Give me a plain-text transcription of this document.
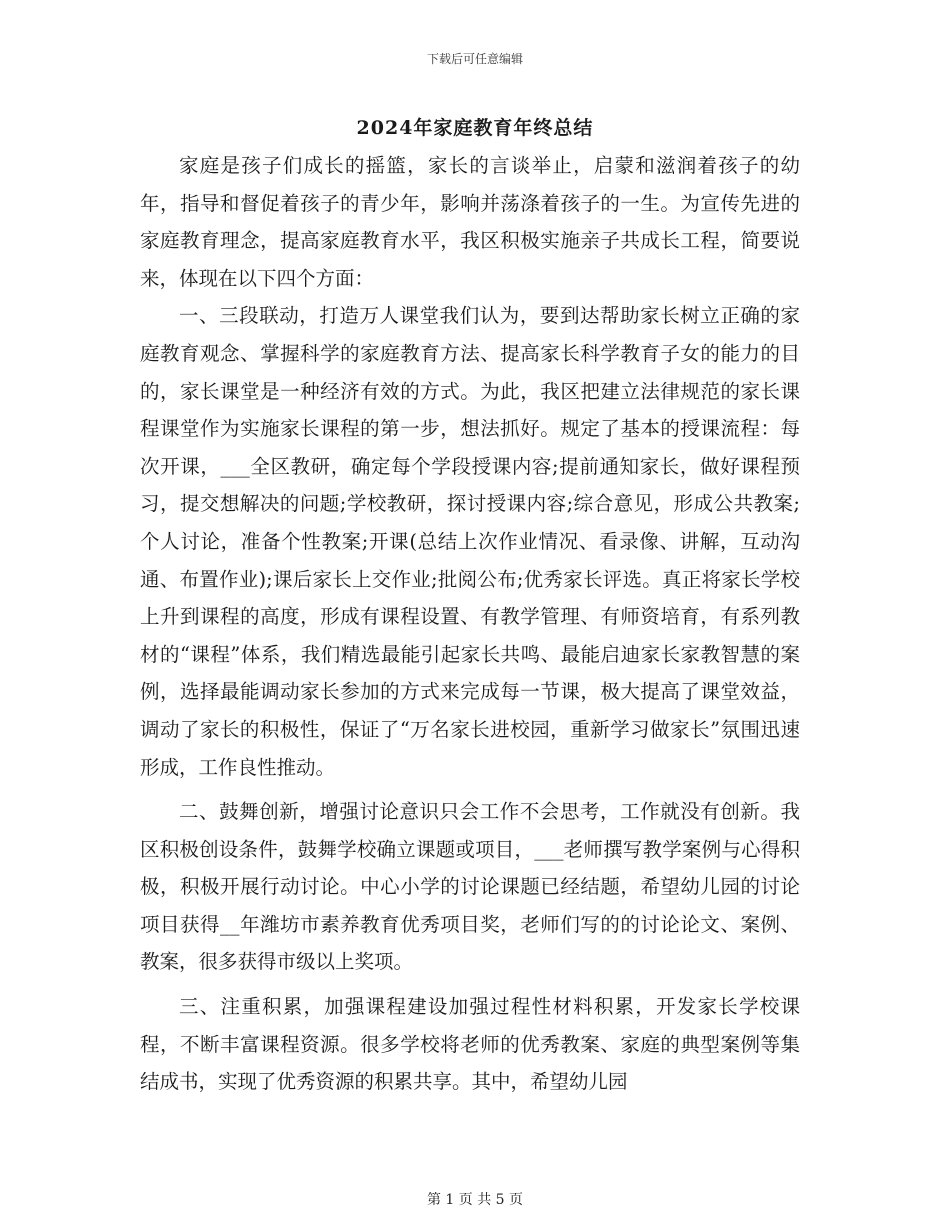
下载后可任意编辑
2024年家庭教育年终总结

家庭是孩子们成长的摇篮，家长的言谈举止，启蒙和滋润着孩子的幼年，指导和督促着孩子的青少年，影响并荡涤着孩子的一生。为宣传先进的家庭教育理念，提高家庭教育水平，我区积极实施亲子共成长工程，简要说来，体现在以下四个方面：

一、三段联动，打造万人课堂我们认为，要到达帮助家长树立正确的家庭教育观念、掌握科学的家庭教育方法、提高家长科学教育子女的能力的目的，家长课堂是一种经济有效的方式。为此，我区把建立法律规范的家长课程课堂作为实施家长课程的第一步，想法抓好。规定了基本的授课流程：每次开课，___全区教研，确定每个学段授课内容;提前通知家长，做好课程预习，提交想解决的问题;学校教研，探讨授课内容;综合意见，形成公共教案;个人讨论，准备个性教案;开课(总结上次作业情况、看录像、讲解，互动沟通、布置作业);课后家长上交作业;批阅公布;优秀家长评选。真正将家长学校上升到课程的高度，形成有课程设置、有教学管理、有师资培育，有系列教材的“课程”体系，我们精选最能引起家长共鸣、最能启迪家长家教智慧的案例，选择最能调动家长参加的方式来完成每一节课，极大提高了课堂效益，调动了家长的积极性，保证了“万名家长进校园，重新学习做家长”氛围迅速形成，工作良性推动。

二、鼓舞创新，增强讨论意识只会工作不会思考，工作就没有创新。我区积极创设条件，鼓舞学校确立课题或项目，___老师撰写教学案例与心得积极，积极开展行动讨论。中心小学的讨论课题已经结题，希望幼儿园的讨论项目获得__年潍坊市素养教育优秀项目奖，老师们写的的讨论论文、案例、教案，很多获得市级以上奖项。

三、注重积累，加强课程建设加强过程性材料积累，开发家长学校课程，不断丰富课程资源。很多学校将老师的优秀教案、家庭的典型案例等集结成书，实现了优秀资源的积累共享。其中，希望幼儿园

第 1 页 共 5 页
